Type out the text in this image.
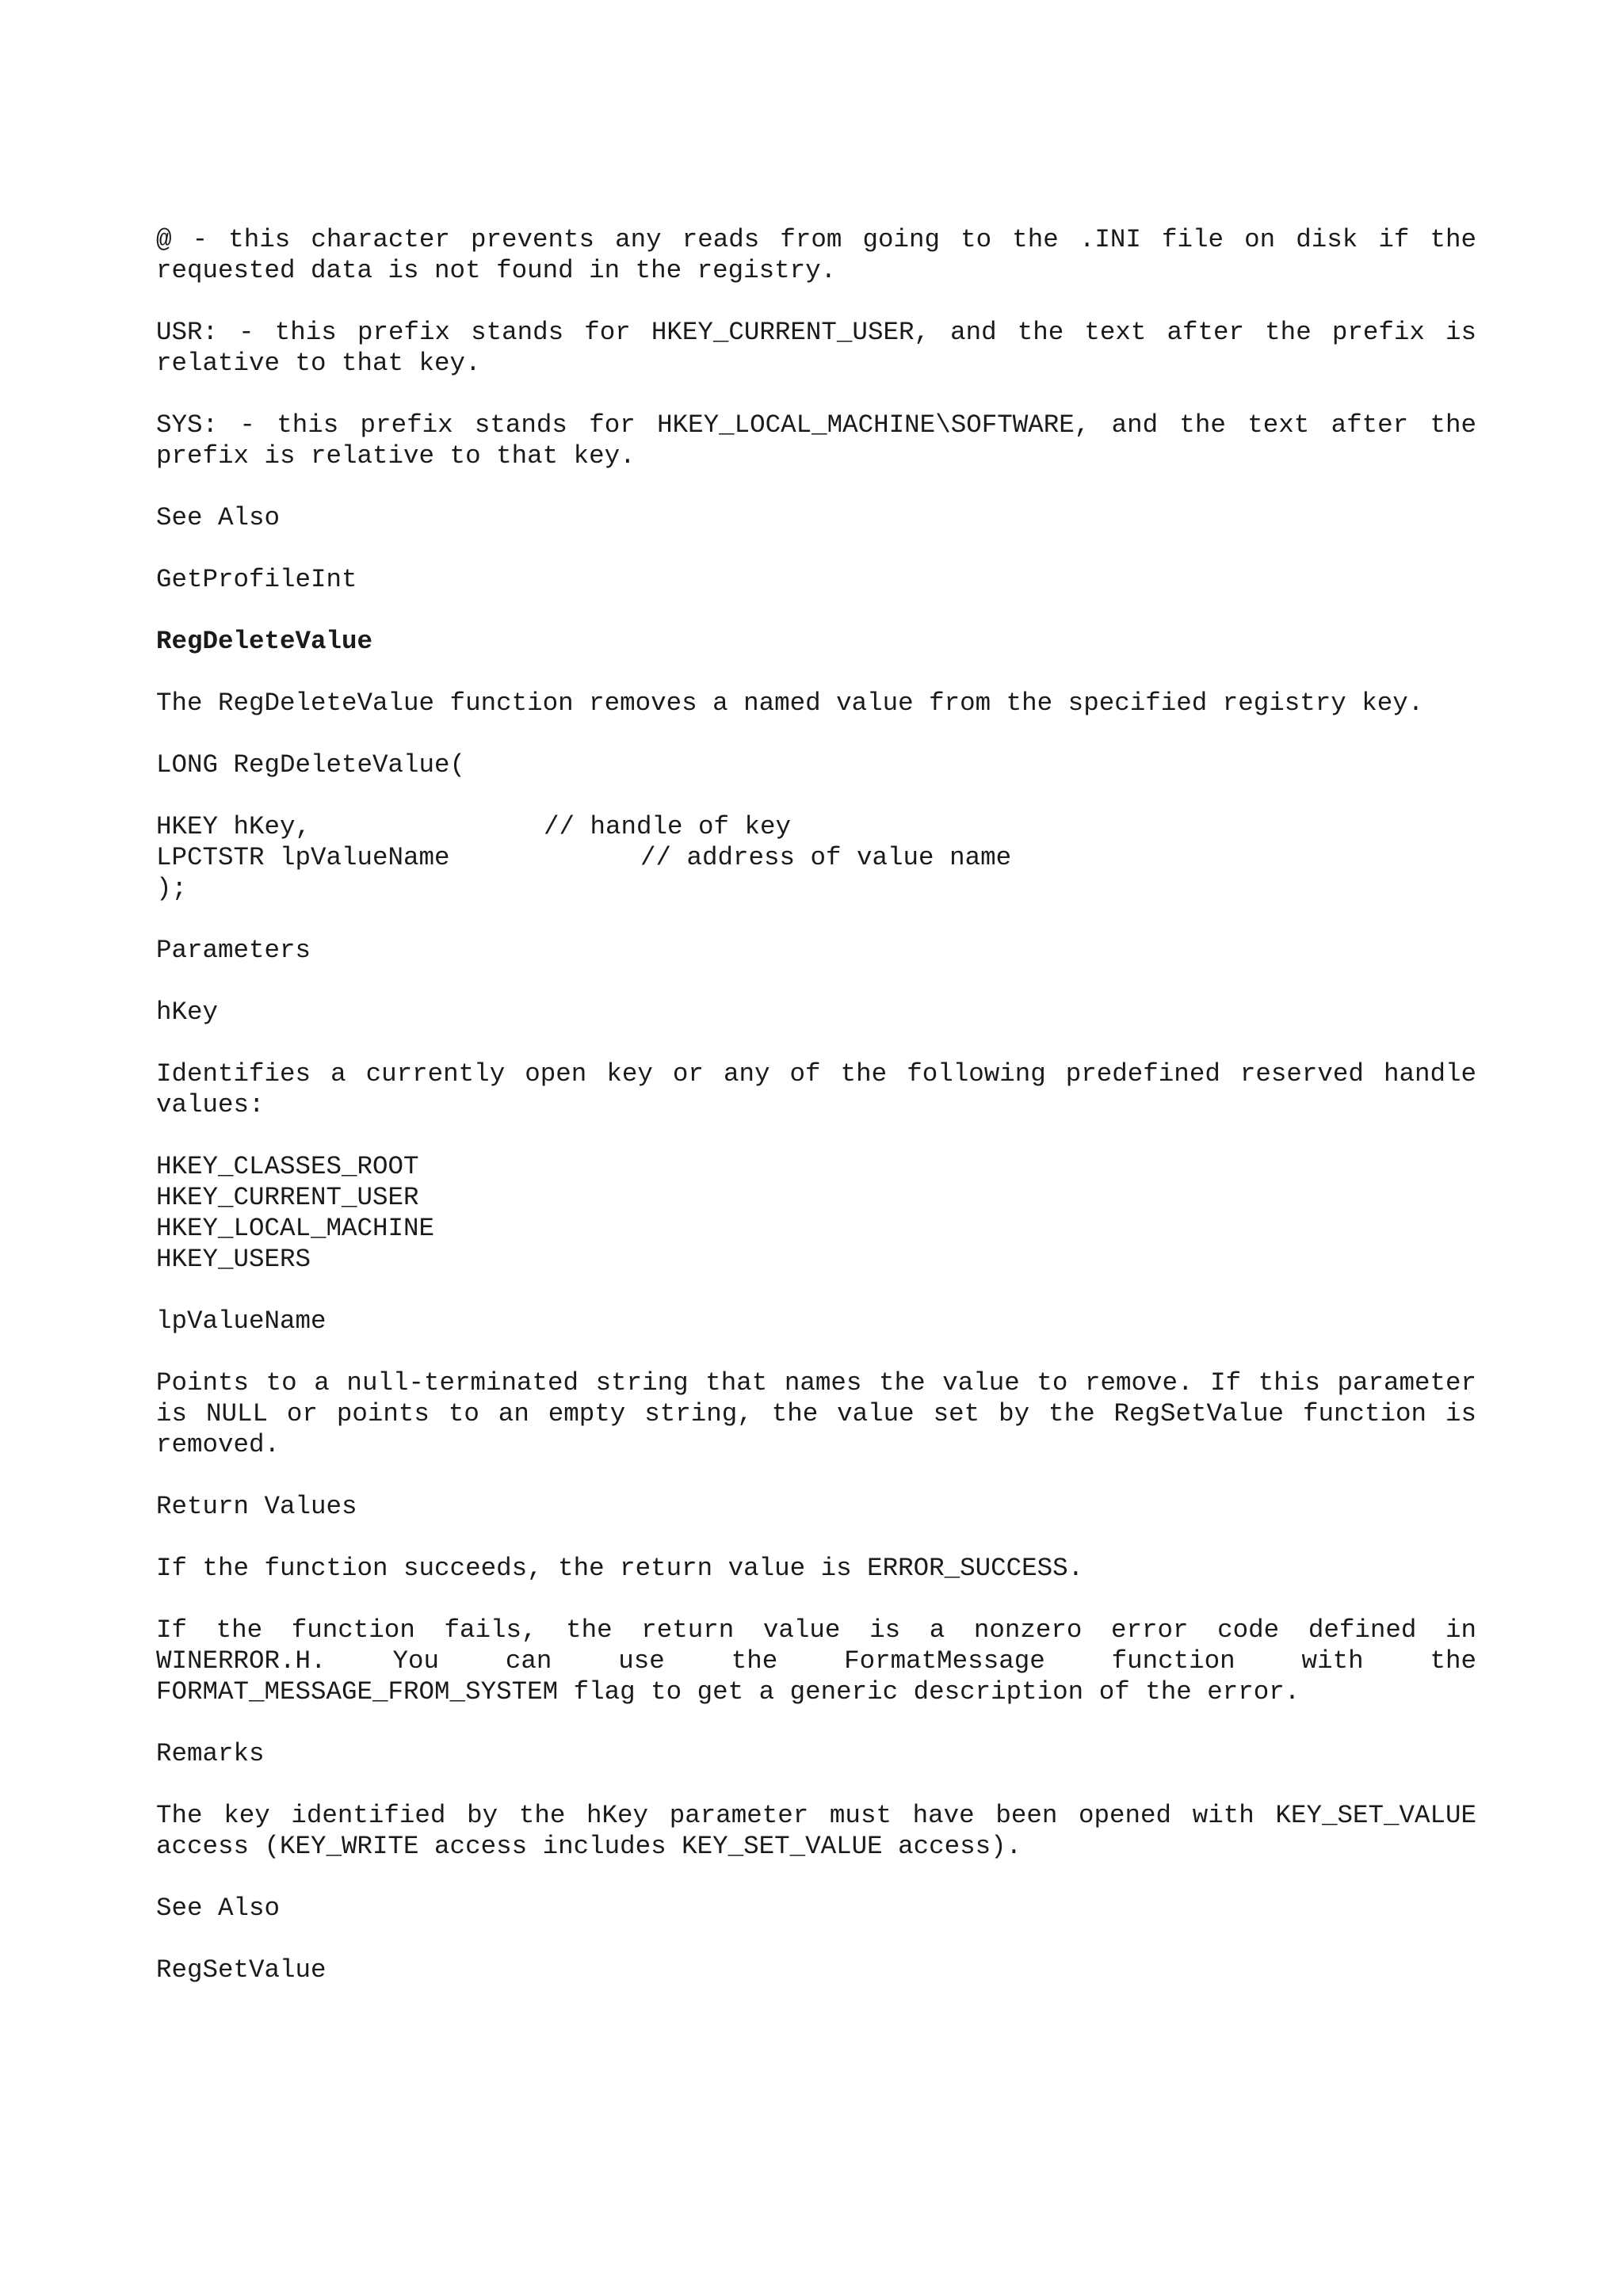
@ - this character prevents any reads from going to the .INI file on disk if the requested data is not found in the registry.

USR: - this prefix stands for HKEY_CURRENT_USER, and the text after the prefix is relative to that key.

SYS: - this prefix stands for HKEY_LOCAL_MACHINE\SOFTWARE, and the text after the prefix is relative to that key.

See Also

GetProfileInt

RegDeleteValue

The RegDeleteValue function removes a named value from the specified registry key.

LONG RegDeleteValue(

HKEY hKey,	// handle of key
LPCTSTR lpValueName	// address of value name
);

Parameters

hKey

Identifies a currently open key or any of the following predefined reserved handle values:

HKEY_CLASSES_ROOT
HKEY_CURRENT_USER
HKEY_LOCAL_MACHINE
HKEY_USERS

lpValueName

Points to a null-terminated string that names the value to remove. If this parameter is NULL or points to an empty string, the value set by the RegSetValue function is removed.

Return Values

If the function succeeds, the return value is ERROR_SUCCESS.

If the function fails, the return value is a nonzero error code defined in WINERROR.H. You can use the FormatMessage function with the FORMAT_MESSAGE_FROM_SYSTEM flag to get a generic description of the error.

Remarks

The key identified by the hKey parameter must have been opened with KEY_SET_VALUE access (KEY_WRITE access includes KEY_SET_VALUE access).

See Also

RegSetValue
